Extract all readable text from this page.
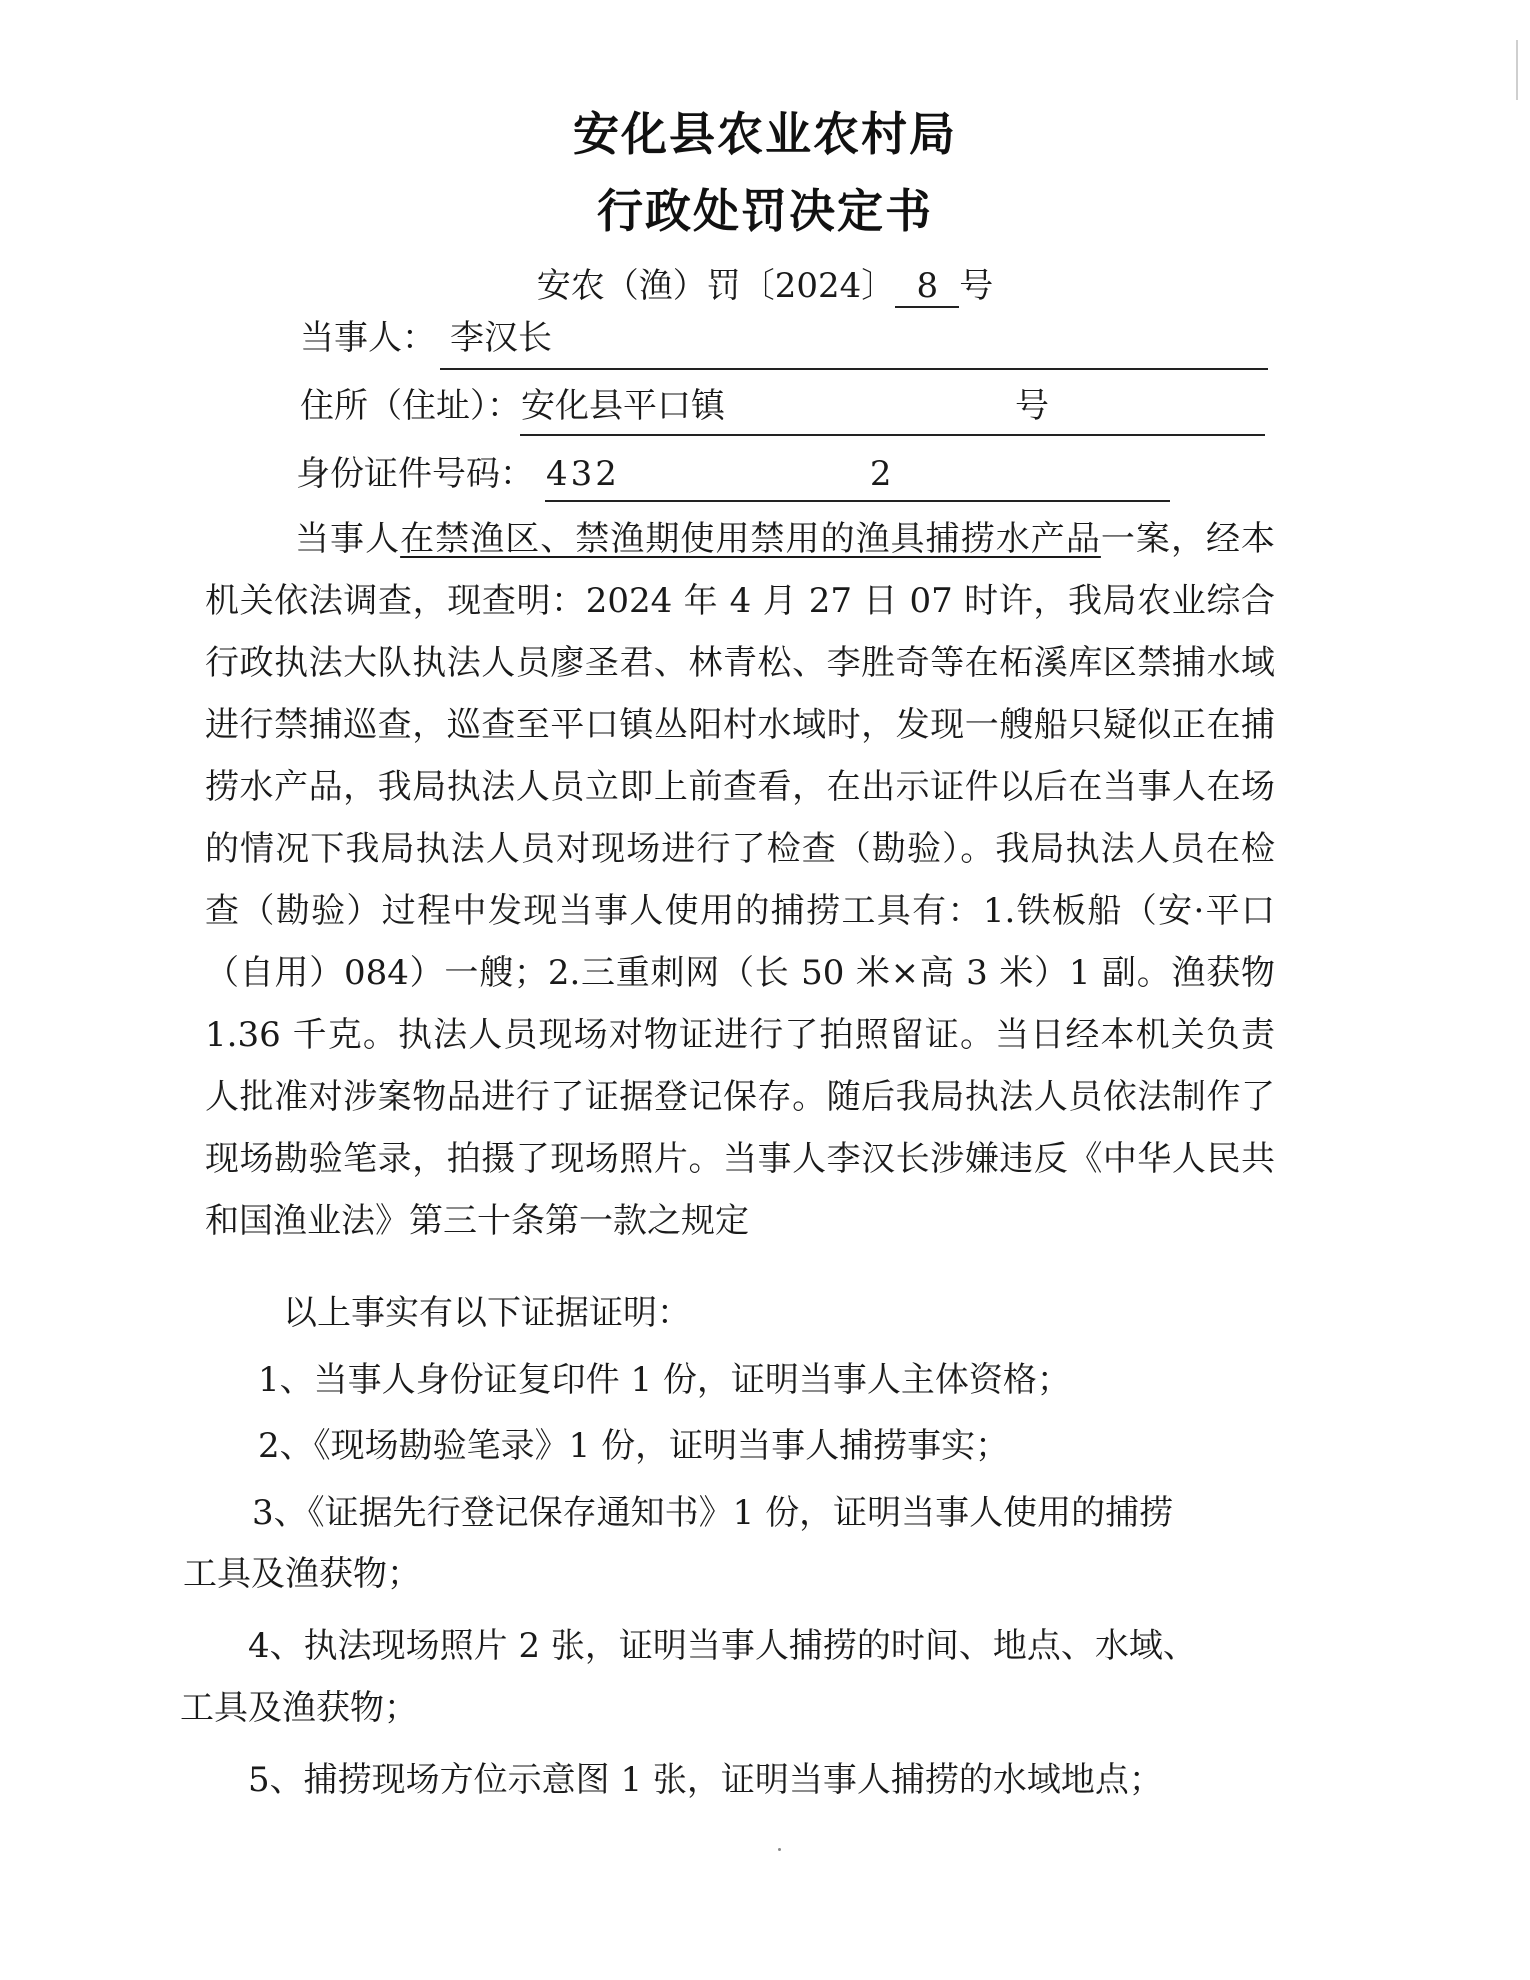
安化县农业农村局
行政处罚决定书
安农（渔）罚〔2024〕 8 号
当事人： 李汉长
住所（住址）：安化县平口镇	号
身份证件号码： 432	2
当事人在禁渔区、禁渔期使用禁用的渔具捕捞水产品一案，经本机关依法调查，现查明：2024 年 4 月 27 日 07 时许，我局农业综合行政执法大队执法人员廖圣君、林青松、李胜奇等在柘溪库区禁捕水域进行禁捕巡查，巡查至平口镇丛阳村水域时，发现一艘船只疑似正在捕捞水产品，我局执法人员立即上前查看，在出示证件以后在当事人在场的情况下我局执法人员对现场进行了检查（勘验）。我局执法人员在检查（勘验）过程中发现当事人使用的捕捞工具有：1.铁板船（安·平口（自用）084）一艘；2.三重刺网（长 50 米×高 3 米）1 副。渔获物 1.36 千克。执法人员现场对物证进行了拍照留证。当日经本机关负责人批准对涉案物品进行了证据登记保存。随后我局执法人员依法制作了现场勘验笔录，拍摄了现场照片。当事人李汉长涉嫌违反《中华人民共和国渔业法》第三十条第一款之规定
以上事实有以下证据证明：
1、当事人身份证复印件 1 份，证明当事人主体资格；
2、《现场勘验笔录》1 份，证明当事人捕捞事实；
3、《证据先行登记保存通知书》1 份，证明当事人使用的捕捞
工具及渔获物；
4、执法现场照片 2 张，证明当事人捕捞的时间、地点、水域、
工具及渔获物；
5、捕捞现场方位示意图 1 张，证明当事人捕捞的水域地点；
